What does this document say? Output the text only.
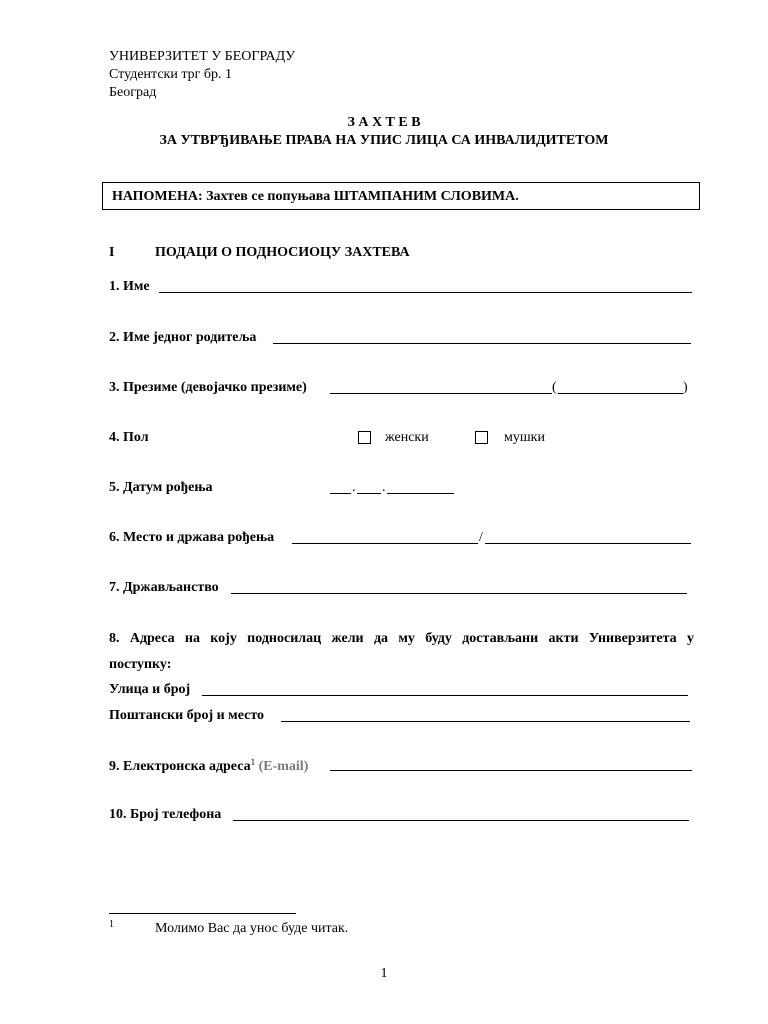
УНИВЕРЗИТЕТ У БЕОГРАДУ
Студентски трг бр. 1
Београд
З А Х Т Е В
ЗА УТВРЂИВАЊЕ ПРАВА НА УПИС ЛИЦА СА ИНВАЛИДИТЕТОМ
НАПОМЕНА: Захтев се попуњава ШТАМПАНИМ СЛОВИМА.
I	ПОДАЦИ О ПОДНОСИОЦУ ЗАХТЕВА
1. Име
2. Име једног родитеља
3. Презиме (девојачко презиме)	(	)
4. Пол	женски	мушки
5. Датум рођења	. .
6. Место и држава рођења	/
7. Држављанство
8. Адреса на коју подносилац жели да му буду достављани акти Универзитета у
поступку:
Улица и број
Поштански број и место
9. Електронска адреса$^1$ (E-mail)
10. Број телефона
1	Молимо Вас да унос буде читак.
1
